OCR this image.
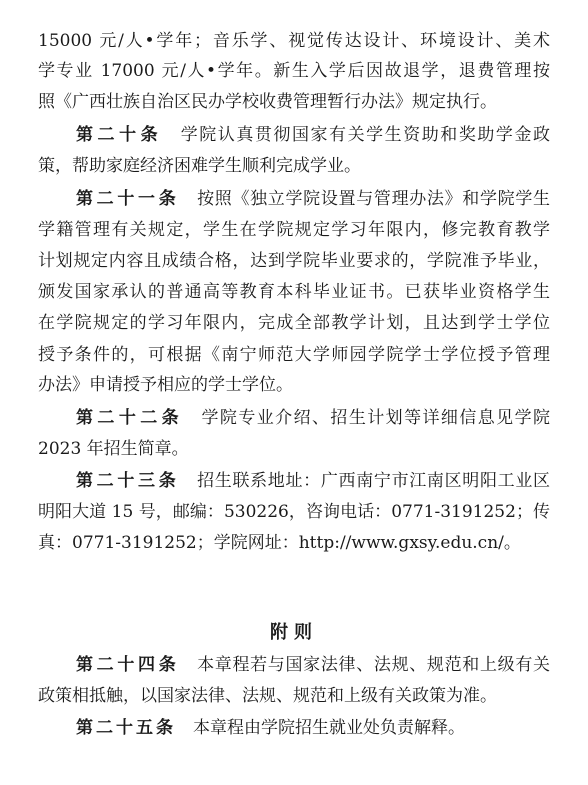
15000 元/人•学年；音乐学、视觉传达设计、环境设计、美术
学专业 17000 元/人•学年。新生入学后因故退学，退费管理按
照《广西壮族自治区民办学校收费管理暂行办法》规定执行。
第二十条  学院认真贯彻国家有关学生资助和奖助学金政
策，帮助家庭经济困难学生顺利完成学业。
第二十一条  按照《独立学院设置与管理办法》和学院学生
学籍管理有关规定，学生在学院规定学习年限内，修完教育教学
计划规定内容且成绩合格，达到学院毕业要求的，学院准予毕业，
颁发国家承认的普通高等教育本科毕业证书。已获毕业资格学生
在学院规定的学习年限内，完成全部教学计划，且达到学士学位
授予条件的，可根据《南宁师范大学师园学院学士学位授予管理
办法》申请授予相应的学士学位。
第二十二条  学院专业介绍、招生计划等详细信息见学院
2023 年招生简章。
第二十三条  招生联系地址：广西南宁市江南区明阳工业区
明阳大道 15 号，邮编：530226，咨询电话：0771-3191252；传
真：0771-3191252；学院网址：http://www.gxsy.edu.cn/。
附则
第二十四条  本章程若与国家法律、法规、规范和上级有关
政策相抵触，以国家法律、法规、规范和上级有关政策为准。
第二十五条  本章程由学院招生就业处负责解释。
